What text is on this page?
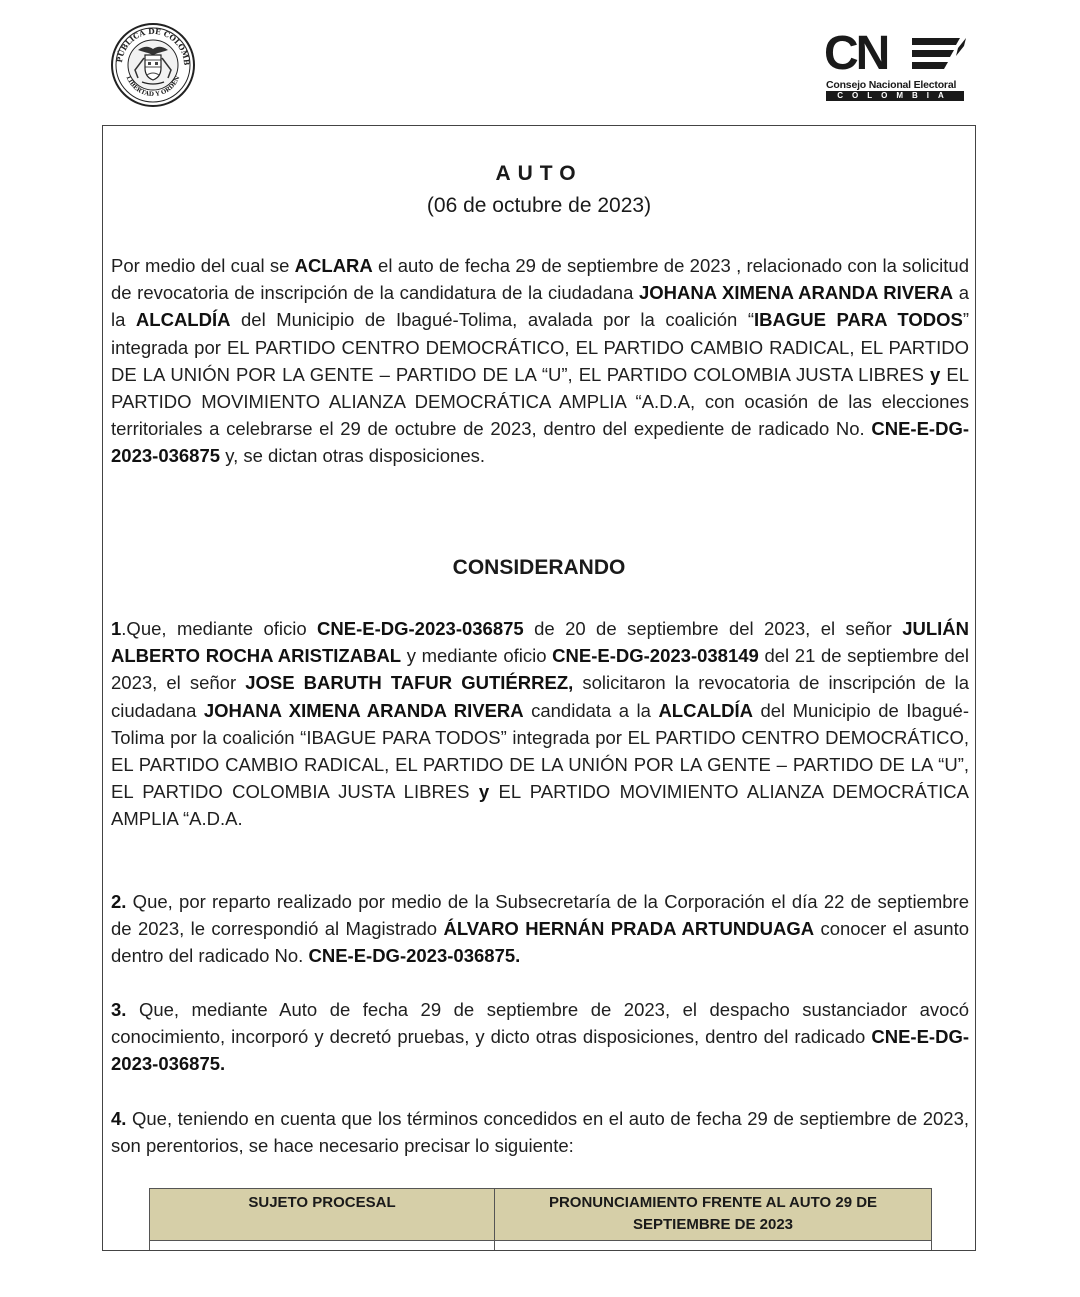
PÚBLICA DE COLOMB
LIBERTAD Y ORDEN	CN
Consejo Nacional Electoral
COLOMBIA
AUTO
(06 de octubre de 2023)
Por medio del cual se ACLARA el auto de fecha 29 de septiembre de 2023 , relacionado con la solicitud de revocatoria de inscripción de la candidatura de la ciudadana JOHANA XIMENA ARANDA RIVERA a la ALCALDÍA del Municipio de Ibagué-Tolima, avalada por la coalición “IBAGUE PARA TODOS” integrada por EL PARTIDO CENTRO DEMOCRÁTICO, EL PARTIDO CAMBIO RADICAL, EL PARTIDO DE LA UNIÓN POR LA GENTE – PARTIDO DE LA “U”, EL PARTIDO COLOMBIA JUSTA LIBRES y EL PARTIDO MOVIMIENTO ALIANZA DEMOCRÁTICA AMPLIA “A.D.A, con ocasión de las elecciones territoriales a celebrarse el 29 de octubre de 2023, dentro del expediente de radicado No. CNE-E-DG-2023-036875 y, se dictan otras disposiciones.
CONSIDERANDO
1.Que, mediante oficio CNE-E-DG-2023-036875 de 20 de septiembre del 2023, el señor JULIÁN ALBERTO ROCHA ARISTIZABAL y mediante oficio CNE-E-DG-2023-038149 del 21 de septiembre del 2023, el señor JOSE BARUTH TAFUR GUTIÉRREZ, solicitaron la revocatoria de inscripción de la ciudadana JOHANA XIMENA ARANDA RIVERA candidata a la ALCALDÍA del Municipio de Ibagué-Tolima por la coalición “IBAGUE PARA TODOS” integrada por EL PARTIDO CENTRO DEMOCRÁTICO, EL PARTIDO CAMBIO RADICAL, EL PARTIDO DE LA UNIÓN POR LA GENTE – PARTIDO DE LA “U”, EL PARTIDO COLOMBIA JUSTA LIBRES y EL PARTIDO MOVIMIENTO ALIANZA DEMOCRÁTICA AMPLIA “A.D.A.
2. Que, por reparto realizado por medio de la Subsecretaría de la Corporación el día 22 de septiembre de 2023, le correspondió al Magistrado ÁLVARO HERNÁN PRADA ARTUNDUAGA conocer el asunto dentro del radicado No. CNE-E-DG-2023-036875.
3. Que, mediante Auto de fecha 29 de septiembre de 2023, el despacho sustanciador avocó conocimiento, incorporó y decretó pruebas, y dicto otras disposiciones, dentro del radicado CNE-E-DG-2023-036875.
4. Que, teniendo en cuenta que los términos concedidos en el auto de fecha 29 de septiembre de 2023, son perentorios, se hace necesario precisar lo siguiente:
SUJETO PROCESAL	PRONUNCIAMIENTO FRENTE AL AUTO 29 DE SEPTIEMBRE DE 2023
